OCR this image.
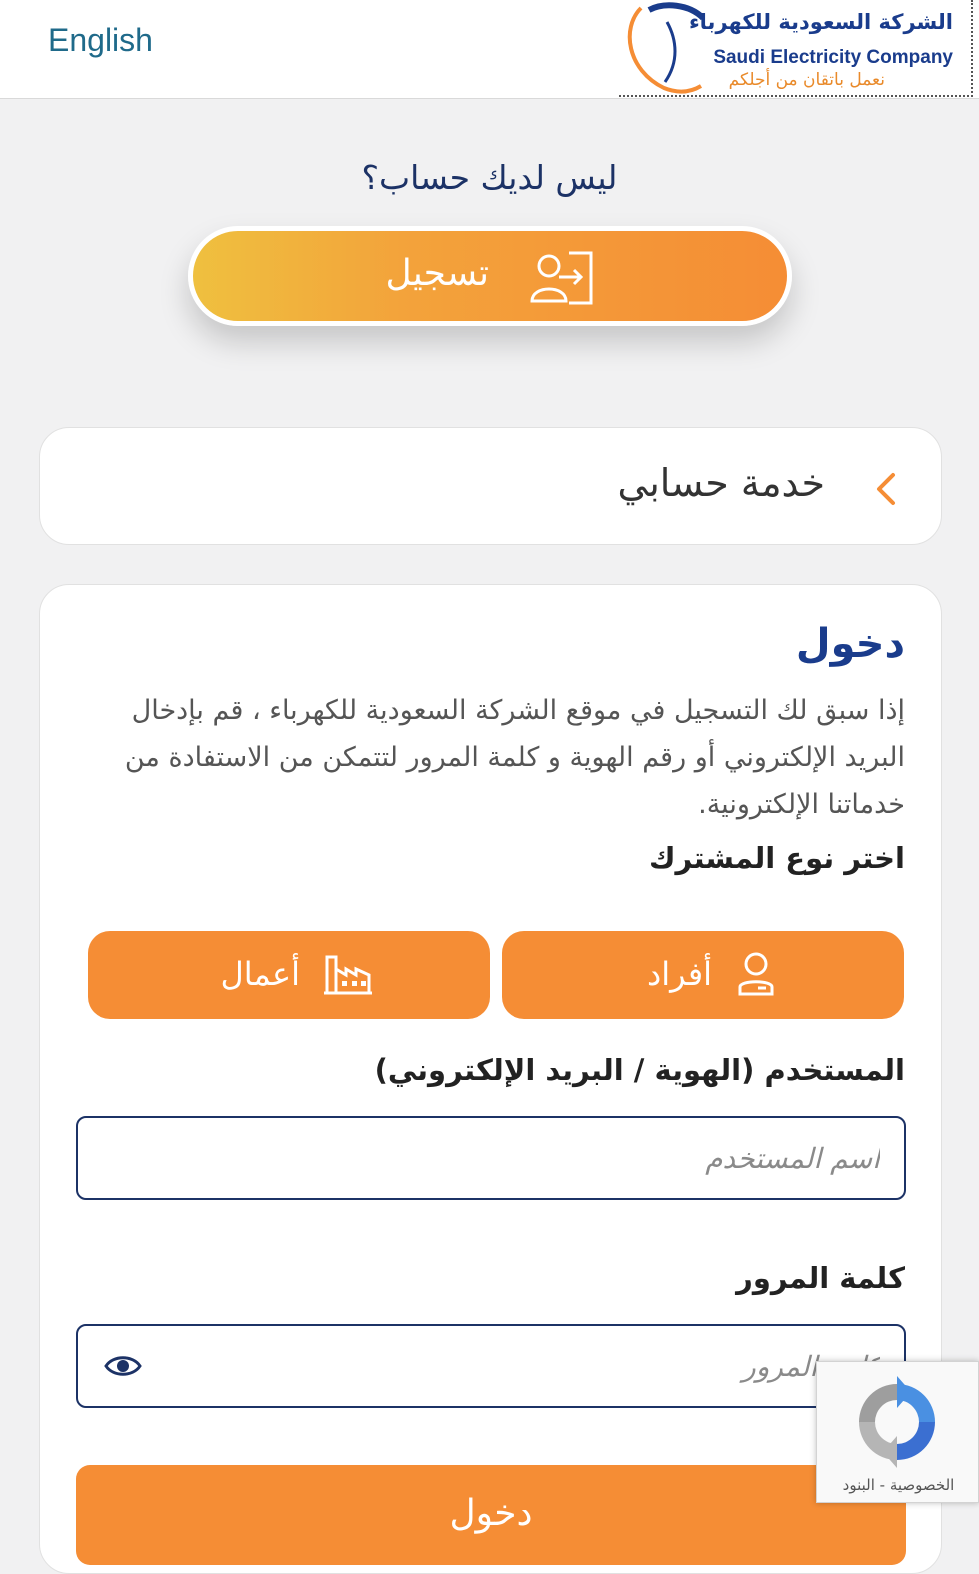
English	الشركة السعودية للكهرباء
Saudi Electricity Company
نعمل باتقان من أجلكم
ليس لديك حساب؟
تسجيل
خدمة حسابي
دخول
إذا سبق لك التسجيل في موقع الشركة السعودية للكهرباء ، قم بإدخال البريد الإلكتروني أو رقم الهوية و كلمة المرور لتتمكن من الاستفادة من خدماتنا الإلكترونية.
اختر نوع المشترك
أفراد
أعمال
المستخدم (الهوية / البريد الإلكتروني)
اسم المستخدم
كلمة المرور
دخول
الخصوصية - البنود
